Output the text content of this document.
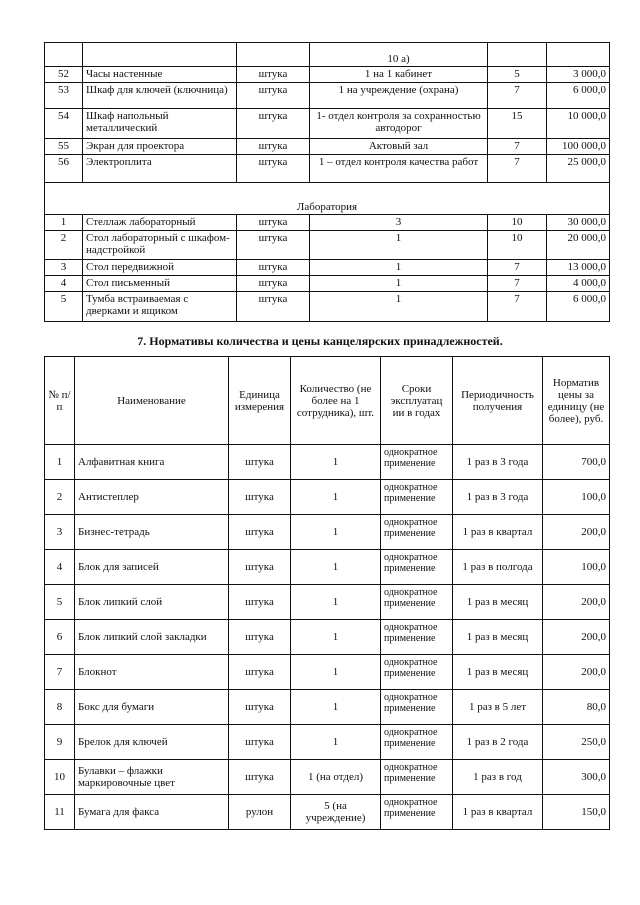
			10 а)		
52	Часы настенные	штука	1 на 1 кабинет	5	3 000,0
53	Шкаф для ключей (ключница)	штука	1 на учреждение (охрана)	7	6 000,0
54	Шкаф напольный металлический	штука	1- отдел контроля за сохранностью автодорог	15	10 000,0
55	Экран для проектора	штука	Актовый зал	7	100 000,0
56	Электроплита	штука	1 – отдел контроля качества работ	7	25 000,0
Лаборатория					
1	Стеллаж лабораторный	штука	3	10	30 000,0
2	Стол лабораторный с шкафом-надстройкой	штука	1	10	20 000,0
3	Стол передвижной	штука	1	7	13 000,0
4	Стол письменный	штука	1	7	4 000,0
5	Тумба встраиваемая с дверками и ящиком	штука	1	7	6 000,0
7. Нормативы количества и цены канцелярских принадлежностей.
№ п/п	Наименование	Единица измерения	Количество (не более на 1 сотрудника), шт.	Сроки эксплуатац ии в годах	Периодичность получения	Норматив цены за единицу (не более), руб.
1	Алфавитная книга	штука	1	однократное применение	1 раз в 3 года	700,0
2	Антистеплер	штука	1	однократное применение	1 раз в 3 года	100,0
3	Бизнес-тетрадь	штука	1	однократное применение	1 раз в квартал	200,0
4	Блок для записей	штука	1	однократное применение	1 раз в полгода	100,0
5	Блок липкий слой	штука	1	однократное применение	1 раз в месяц	200,0
6	Блок липкий слой закладки	штука	1	однократное применение	1 раз в месяц	200,0
7	Блокнот	штука	1	однократное применение	1 раз в месяц	200,0
8	Бокс для бумаги	штука	1	однократное применение	1 раз в 5 лет	80,0
9	Брелок для ключей	штука	1	однократное применение	1 раз в 2 года	250,0
10	Булавки – флажки маркировочные цвет	штука	1 (на отдел)	однократное применение	1 раз в год	300,0
11	Бумага для факса	рулон	5 (на учреждение)	однократное применение	1 раз в квартал	150,0
